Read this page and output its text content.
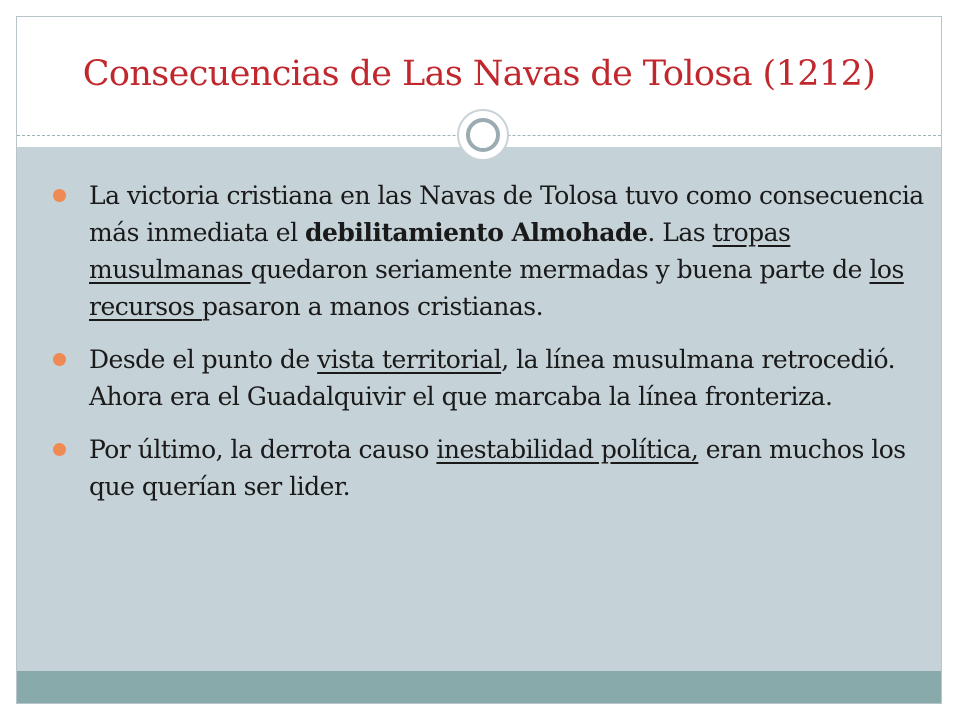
Consecuencias de Las Navas de Tolosa (1212)
La victoria cristiana en las Navas de Tolosa tuvo como consecuencia más inmediata el debilitamiento Almohade. Las tropas musulmanas quedaron seriamente mermadas y buena parte de los recursos pasaron a manos cristianas.
Desde el punto de vista territorial, la línea musulmana retrocedió. Ahora era el Guadalquivir el que marcaba la línea fronteriza.
Por último, la derrota causo inestabilidad política, eran muchos los que querían ser lider.
